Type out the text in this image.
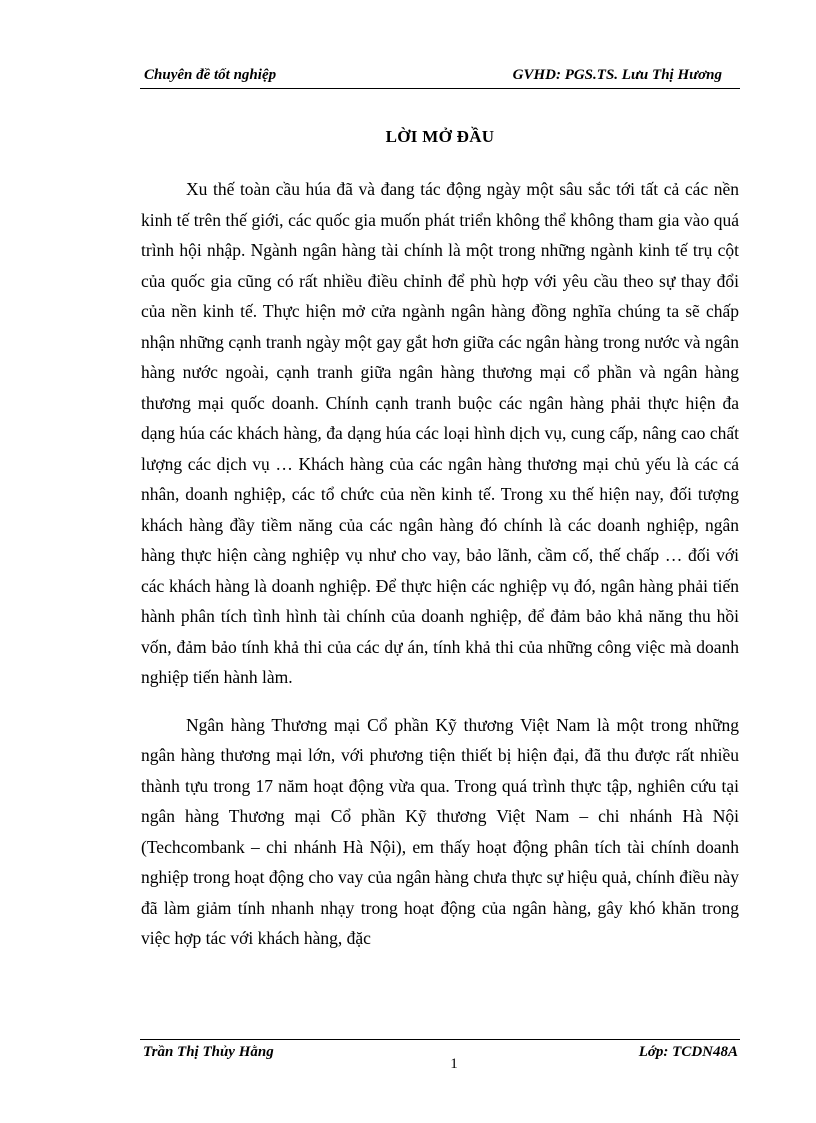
Chuyên đề tốt nghiệp	GVHD: PGS.TS. Lưu Thị Hương
LỜI MỞ ĐẦU

Xu thế toàn cầu húa đã và đang tác động ngày một sâu sắc tới tất cả các nền kinh tế trên thế giới, các quốc gia muốn phát triển không thể không tham gia vào quá trình hội nhập. Ngành ngân hàng tài chính là một trong những ngành kinh tế trụ cột của quốc gia cũng có rất nhiều điều chỉnh để phù hợp với yêu cầu theo sự thay đổi của nền kinh tế. Thực hiện mở cửa ngành ngân hàng đồng nghĩa chúng ta sẽ chấp nhận những cạnh tranh ngày một gay gắt hơn giữa các ngân hàng trong nước và ngân hàng nước ngoài, cạnh tranh giữa ngân hàng thương mại cổ phần và ngân hàng thương mại quốc doanh. Chính cạnh tranh buộc các ngân hàng phải thực hiện đa dạng húa các khách hàng, đa dạng húa các loại hình dịch vụ, cung cấp, nâng cao chất lượng các dịch vụ … Khách hàng của các ngân hàng thương mại chủ yếu là các cá nhân, doanh nghiệp, các tổ chức của nền kinh tế. Trong xu thế hiện nay, đối tượng khách hàng đầy tiềm năng của các ngân hàng đó chính là các doanh nghiệp, ngân hàng thực hiện càng nghiệp vụ như cho vay, bảo lãnh, cầm cố, thế chấp … đối với các khách hàng là doanh nghiệp. Để thực hiện các nghiệp vụ đó, ngân hàng phải tiến hành phân tích tình hình tài chính của doanh nghiệp, để đảm bảo khả năng thu hồi vốn, đảm bảo tính khả thi của các dự án, tính khả thi của những công việc mà doanh nghiệp tiến hành làm.

Ngân hàng Thương mại Cổ phần Kỹ thương Việt Nam là một trong những ngân hàng thương mại lớn, với phương tiện thiết bị hiện đại, đã thu được rất nhiều thành tựu trong 17 năm hoạt động vừa qua. Trong quá trình thực tập, nghiên cứu tại ngân hàng Thương mại Cổ phần Kỹ thương Việt Nam – chi nhánh Hà Nội (Techcombank – chi nhánh Hà Nội), em thấy hoạt động phân tích tài chính doanh nghiệp trong hoạt động cho vay của ngân hàng chưa thực sự hiệu quả, chính điều này đã làm giảm tính nhanh nhạy trong hoạt động của ngân hàng, gây khó khăn trong việc hợp tác với khách hàng, đặc

Trần Thị Thủy Hằng	Lớp: TCDN48A
1
